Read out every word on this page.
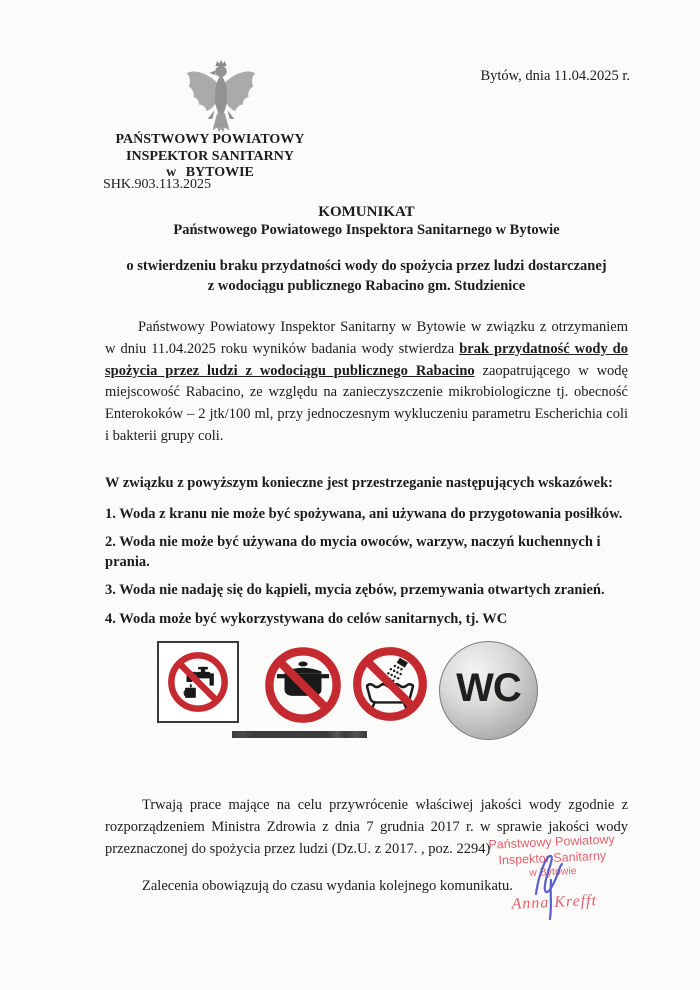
Bytów, dnia 11.04.2025 r.
PAŃSTWOWY POWIATOWY
INSPEKTOR SANITARNY
w BYTOWIE
SHK.903.113.2025
KOMUNIKAT
Państwowego Powiatowego Inspektora Sanitarnego w Bytowie
o stwierdzeniu braku przydatności wody do spożycia przez ludzi dostarczanej
z wodociągu publicznego Rabacino gm. Studzienice

Państwowy Powiatowy Inspektor Sanitarny w Bytowie w związku z otrzymaniem w dniu 11.04.2025 roku wyników badania wody stwierdza brak przydatność wody do spożycia przez ludzi z wodociągu publicznego Rabacino zaopatrującego w wodę miejscowość Rabacino, ze względu na zanieczyszczenie mikrobiologiczne tj. obecność Enterokoków – 2 jtk/100 ml, przy jednoczesnym wykluczeniu parametru Escherichia coli i bakterii grupy coli.

W związku z powyższym konieczne jest przestrzeganie następujących wskazówek:
1. Woda z kranu nie może być spożywana, ani używana do przygotowania posiłków.
2. Woda nie może być używana do mycia owoców, warzyw, naczyń kuchennych i prania.
3. Woda nie nadaję się do kąpieli, mycia zębów, przemywania otwartych zranień.
4. Woda może być wykorzystywana do celów sanitarnych, tj. WC
WC

Trwają prace mające na celu przywrócenie właściwej jakości wody zgodnie z rozporządzeniem Ministra Zdrowia z dnia 7 grudnia 2017 r. w sprawie jakości wody przeznaczonej do spożycia przez ludzi (Dz.U. z 2017. , poz. 2294)

Zalecenia obowiązują do czasu wydania kolejnego komunikatu.

Państwowy Powiatowy
Inspektor Sanitarny
w Bytowie
Anna Krefft
